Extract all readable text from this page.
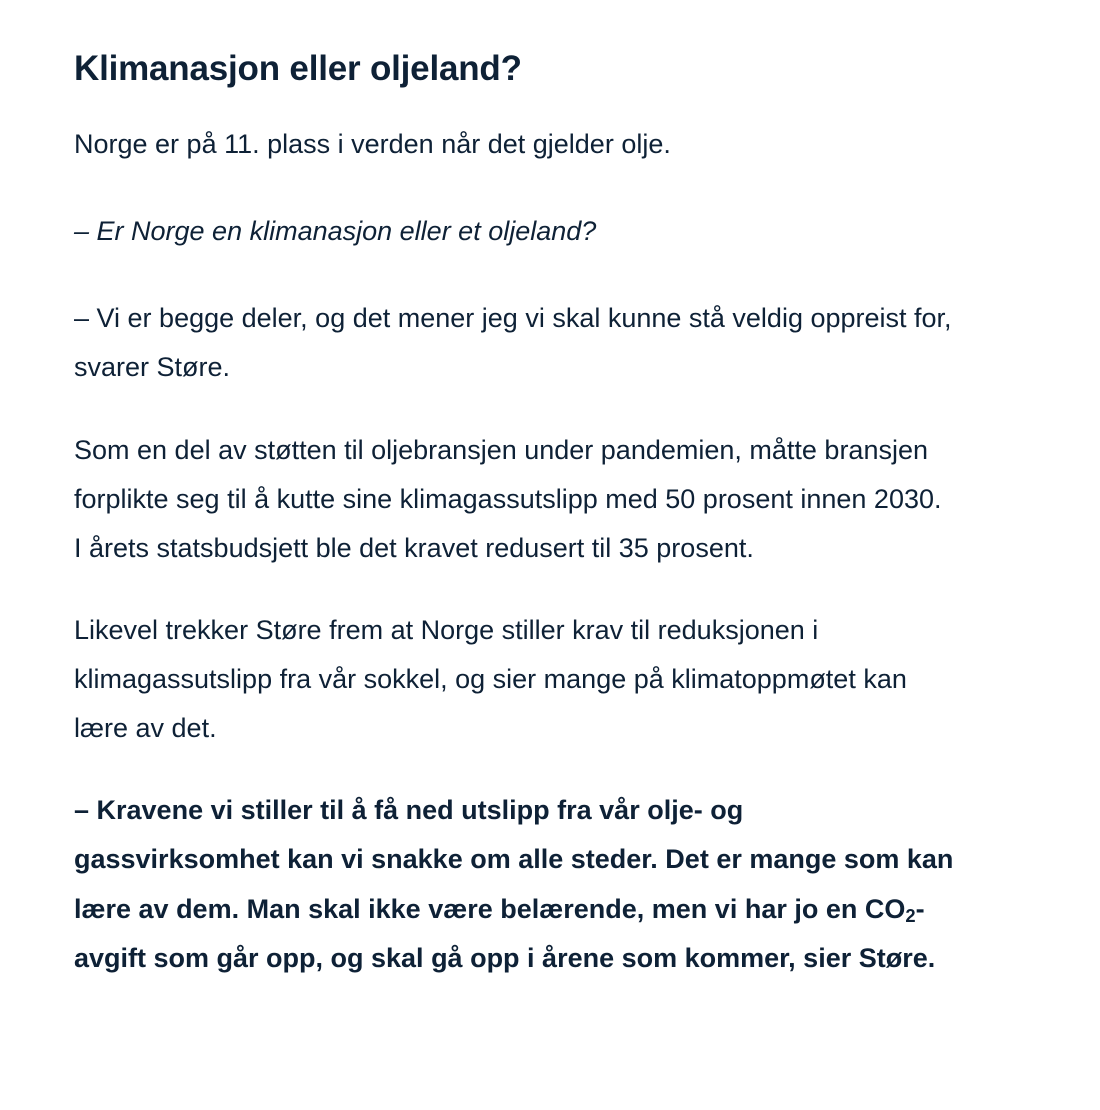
Klimanasjon eller oljeland?

Norge er på 11. plass i verden når det gjelder olje.

– Er Norge en klimanasjon eller et oljeland?

– Vi er begge deler, og det mener jeg vi skal kunne stå veldig oppreist for, svarer Støre.

Som en del av støtten til oljebransjen under pandemien, måtte bransjen forplikte seg til å kutte sine klimagassutslipp med 50 prosent innen 2030. I årets statsbudsjett ble det kravet redusert til 35 prosent.

Likevel trekker Støre frem at Norge stiller krav til reduksjonen i klimagassutslipp fra vår sokkel, og sier mange på klimatoppmøtet kan lære av det.

– Kravene vi stiller til å få ned utslipp fra vår olje- og gassvirksomhet kan vi snakke om alle steder. Det er mange som kan lære av dem. Man skal ikke være belærende, men vi har jo en $CO_2$-avgift som går opp, og skal gå opp i årene som kommer, sier Støre.
